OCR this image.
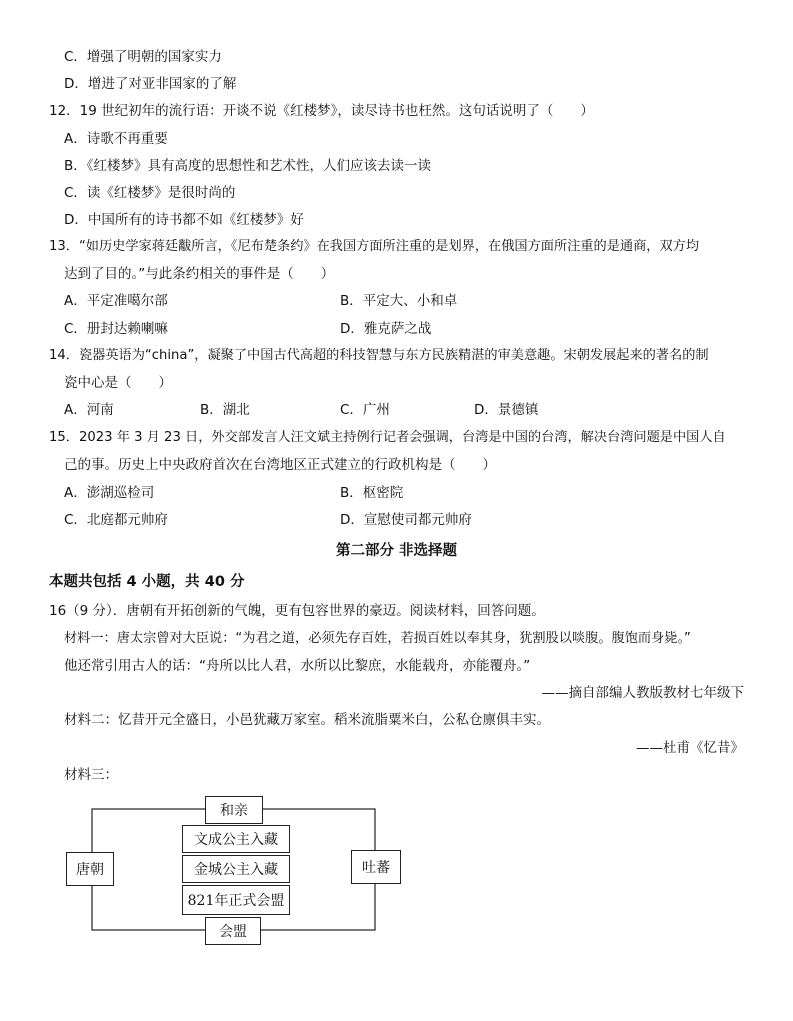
C．增强了明朝的国家实力
D．增进了对亚非国家的了解
12．19 世纪初年的流行语：开谈不说《红楼梦》，读尽诗书也枉然。这句话说明了（　　）
A．诗歌不再重要
B．《红楼梦》具有高度的思想性和艺术性，人们应该去读一读
C．读《红楼梦》是很时尚的
D．中国所有的诗书都不如《红楼梦》好
13．“如历史学家蒋廷黻所言，《尼布楚条约》在我国方面所注重的是划界，在俄国方面所注重的是通商，双方均
达到了目的。”与此条约相关的事件是（　　）
A．平定准噶尔部	B．平定大、小和卓
C．册封达赖喇嘛	D．雅克萨之战
14．瓷器英语为“china”，凝聚了中国古代高超的科技智慧与东方民族精湛的审美意趣。宋朝发展起来的著名的制
瓷中心是（　　）
A．河南	B．湖北	C．广州	D．景德镇
15．2023 年 3 月 23 日，外交部发言人汪文斌主持例行记者会强调，台湾是中国的台湾，解决台湾问题是中国人自
己的事。历史上中央政府首次在台湾地区正式建立的行政机构是（　　）
A．澎湖巡检司	B．枢密院
C．北庭都元帅府	D．宣慰使司都元帅府
第二部分 非选择题
本题共包括 4 小题，共 40 分
16（9 分）．唐朝有开拓创新的气魄，更有包容世界的豪迈。阅读材料，回答问题。
材料一：唐太宗曾对大臣说：“为君之道，必须先存百姓，若损百姓以奉其身，犹割股以啖腹。腹饱而身毙。”
他还常引用古人的话：“舟所以比人君，水所以比黎庶，水能载舟，亦能覆舟。”
——摘自部编人教版教材七年级下
材料二：忆昔开元全盛日，小邑犹藏万家室。稻米流脂粟米白，公私仓廪俱丰实。
——杜甫《忆昔》
材料三：
和亲
唐朝	吐蕃
文成公主入藏
金城公主入藏
821年正式会盟
会盟
